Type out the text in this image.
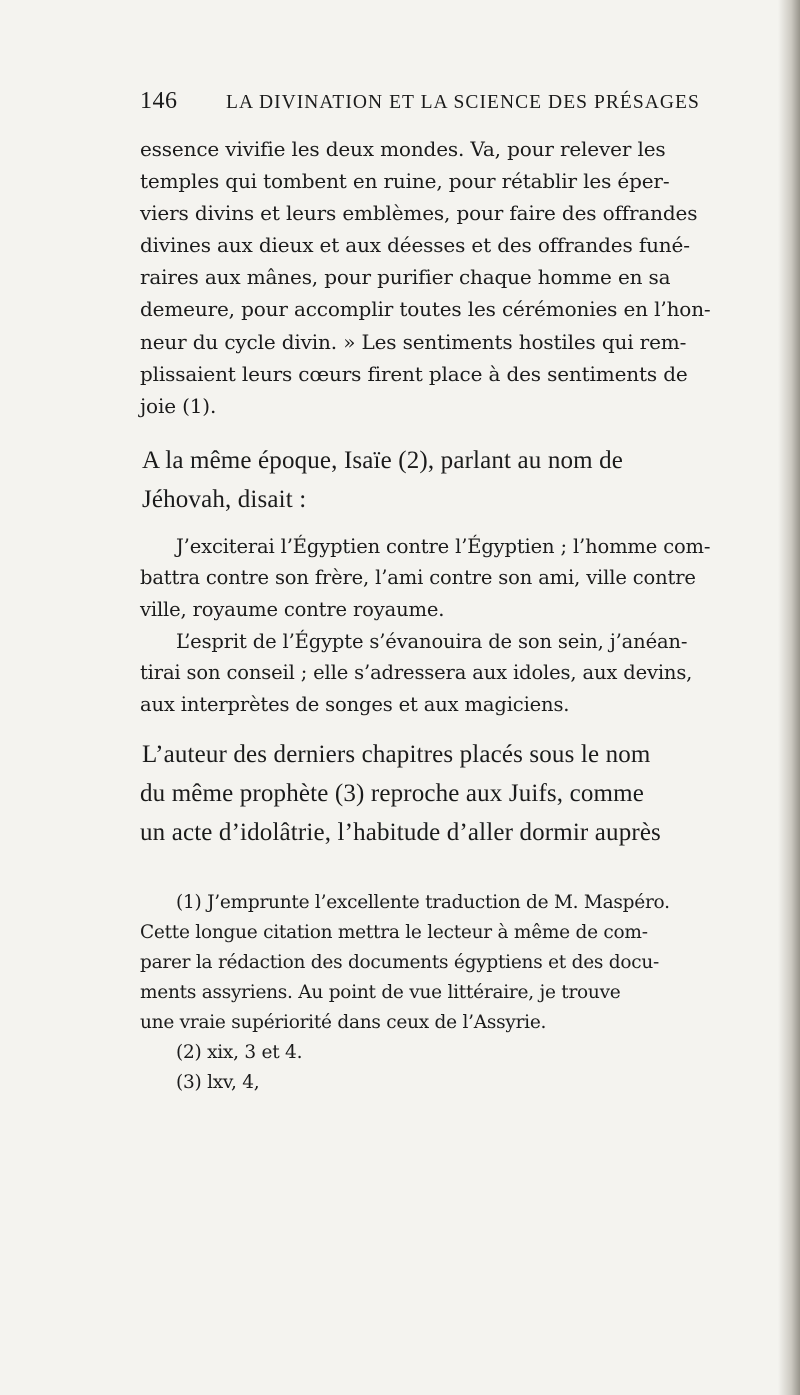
146	LA DIVINATION ET LA SCIENCE DES PRÉSAGES

essence vivifie les deux mondes. Va, pour relever les
temples qui tombent en ruine, pour rétablir les éper-
viers divins et leurs emblèmes, pour faire des offrandes
divines aux dieux et aux déesses et des offrandes funé-
raires aux mânes, pour purifier chaque homme en sa
demeure, pour accomplir toutes les cérémonies en l’hon-
neur du cycle divin. » Les sentiments hostiles qui rem-
plissaient leurs cœurs firent place à des sentiments de
joie (1).

A la même époque, Isaïe (2), parlant au nom de
Jéhovah, disait :

J’exciterai l’Égyptien contre l’Égyptien ; l’homme com-
battra contre son frère, l’ami contre son ami, ville contre
ville, royaume contre royaume.

L’esprit de l’Égypte s’évanouira de son sein, j’anéan-
tirai son conseil ; elle s’adressera aux idoles, aux devins,
aux interprètes de songes et aux magiciens.

L’auteur des derniers chapitres placés sous le nom
du même prophète (3) reproche aux Juifs, comme
un acte d’idolâtrie, l’habitude d’aller dormir auprès

(1) J’emprunte l’excellente traduction de M. Maspéro.

Cette longue citation mettra le lecteur à même de com-
parer la rédaction des documents égyptiens et des docu-
ments assyriens. Au point de vue littéraire, je trouve
une vraie supériorité dans ceux de l’Assyrie.

(2) xix, 3 et 4.

(3) lxv, 4,
